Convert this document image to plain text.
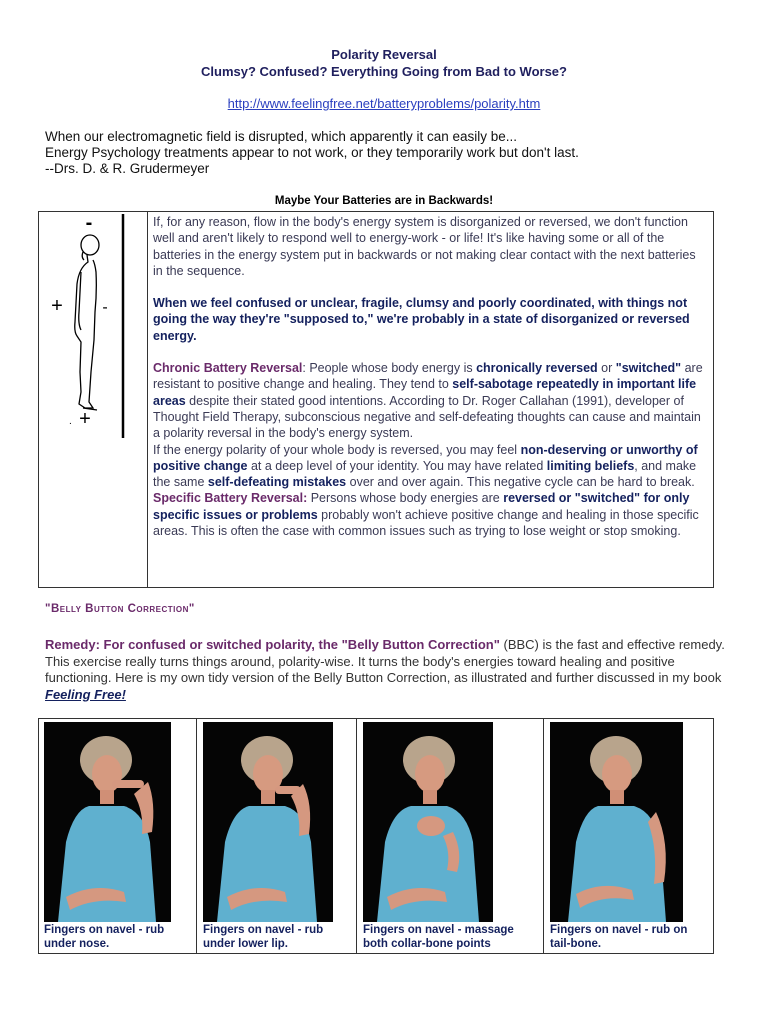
Polarity Reversal
Clumsy? Confused? Everything Going from Bad to Worse?
http://www.feelingfree.net/batteryproblems/polarity.htm
When our electromagnetic field is disrupted, which apparently it can easily be...
Energy Psychology treatments appear to not work, or they temporarily work but don't last.
--Drs. D. & R. Grudermeyer
Maybe Your Batteries are in Backwards!
-
+ -
+
.

If, for any reason, flow in the body's energy system is disorganized or reversed, we don't function well and aren't likely to respond well to energy-work - or life! It's like having some or all of the batteries in the energy system put in backwards or not making clear contact with the next batteries in the sequence.

When we feel confused or unclear, fragile, clumsy and poorly coordinated, with things not going the way they're "supposed to," we're probably in a state of disorganized or reversed energy.

Chronic Battery Reversal: People whose body energy is chronically reversed or "switched" are resistant to positive change and healing. They tend to self-sabotage repeatedly in important life areas despite their stated good intentions. According to Dr. Roger Callahan (1991), developer of Thought Field Therapy, subconscious negative and self-defeating thoughts can cause and maintain a polarity reversal in the body's energy system.

If the energy polarity of your whole body is reversed, you may feel non-deserving or unworthy of positive change at a deep level of your identity. You may have related limiting beliefs, and make the same self-defeating mistakes over and over again. This negative cycle can be hard to break.

Specific Battery Reversal: Persons whose body energies are reversed or "switched" for only specific issues or problems probably won't achieve positive change and healing in those specific areas. This is often the case with common issues such as trying to lose weight or stop smoking.

"Belly Button Correction"
Remedy: For confused or switched polarity, the "Belly Button Correction" (BBC) is the fast and effective remedy. This exercise really turns things around, polarity-wise. It turns the body's energies toward healing and positive functioning. Here is my own tidy version of the Belly Button Correction, as illustrated and further discussed in my book Feeling Free!
Fingers on navel - rub under nose.
Fingers on navel - rub under lower lip.
Fingers on navel - massage both collar-bone points
Fingers on navel - rub on tail-bone.
